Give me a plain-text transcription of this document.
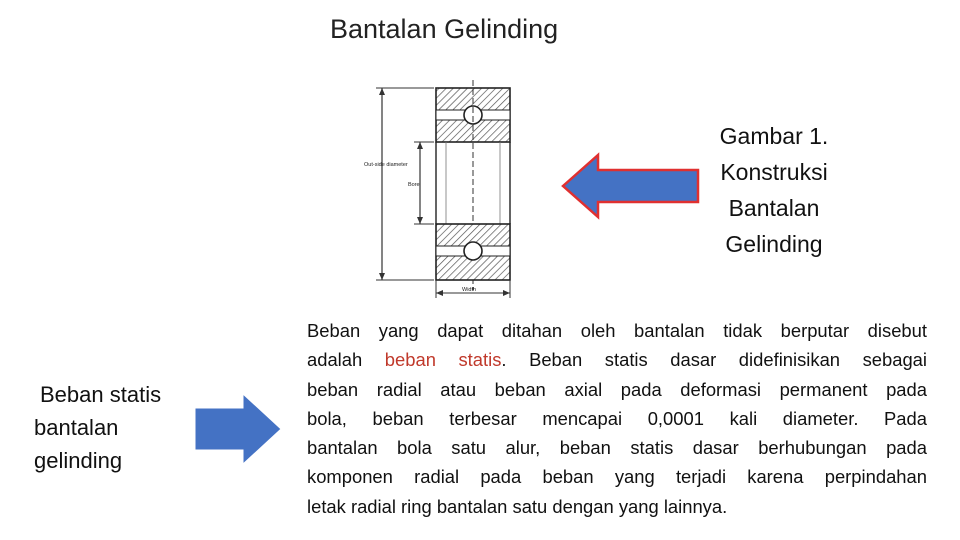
Bantalan Gelinding
Out-side diameter
Bore
Width
Gambar 1.
Konstruksi
Bantalan
Gelinding
Beban statis
bantalan
gelinding
Beban yang dapat ditahan oleh bantalan tidak berputar disebut
adalah beban statis. Beban statis dasar didefinisikan sebagai
beban radial atau beban axial pada deformasi permanent pada
bola, beban terbesar mencapai 0,0001 kali diameter. Pada
bantalan bola satu alur, beban statis dasar berhubungan pada
komponen radial pada beban yang terjadi karena perpindahan
letak radial ring bantalan satu dengan yang lainnya.
